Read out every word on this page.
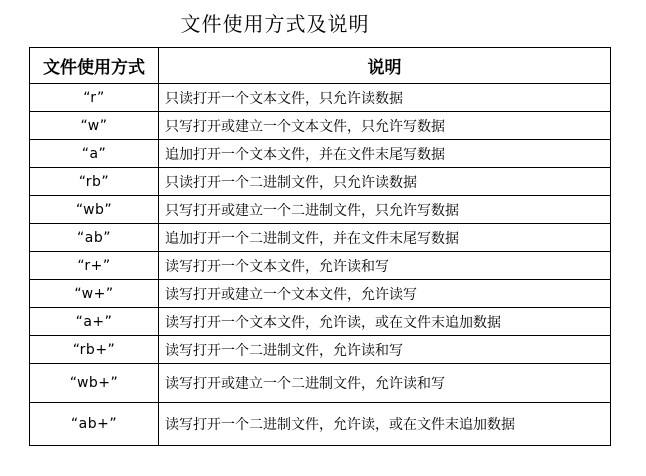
文件使用方式及说明
文件使用方式	说明
“r”	只读打开一个文本文件，只允许读数据
“w”	只写打开或建立一个文本文件，只允许写数据
“a”	追加打开一个文本文件，并在文件末尾写数据
“rb”	只读打开一个二进制文件，只允许读数据
“wb”	只写打开或建立一个二进制文件，只允许写数据
“ab”	追加打开一个二进制文件，并在文件末尾写数据
“r+”	读写打开一个文本文件，允许读和写
“w+”	读写打开或建立一个文本文件，允许读写
“a+”	读写打开一个文本文件，允许读，或在文件末追加数据
“rb+”	读写打开一个二进制文件，允许读和写
“wb+”	读写打开或建立一个二进制文件，允许读和写
“ab+”	读写打开一个二进制文件，允许读，或在文件末追加数据
